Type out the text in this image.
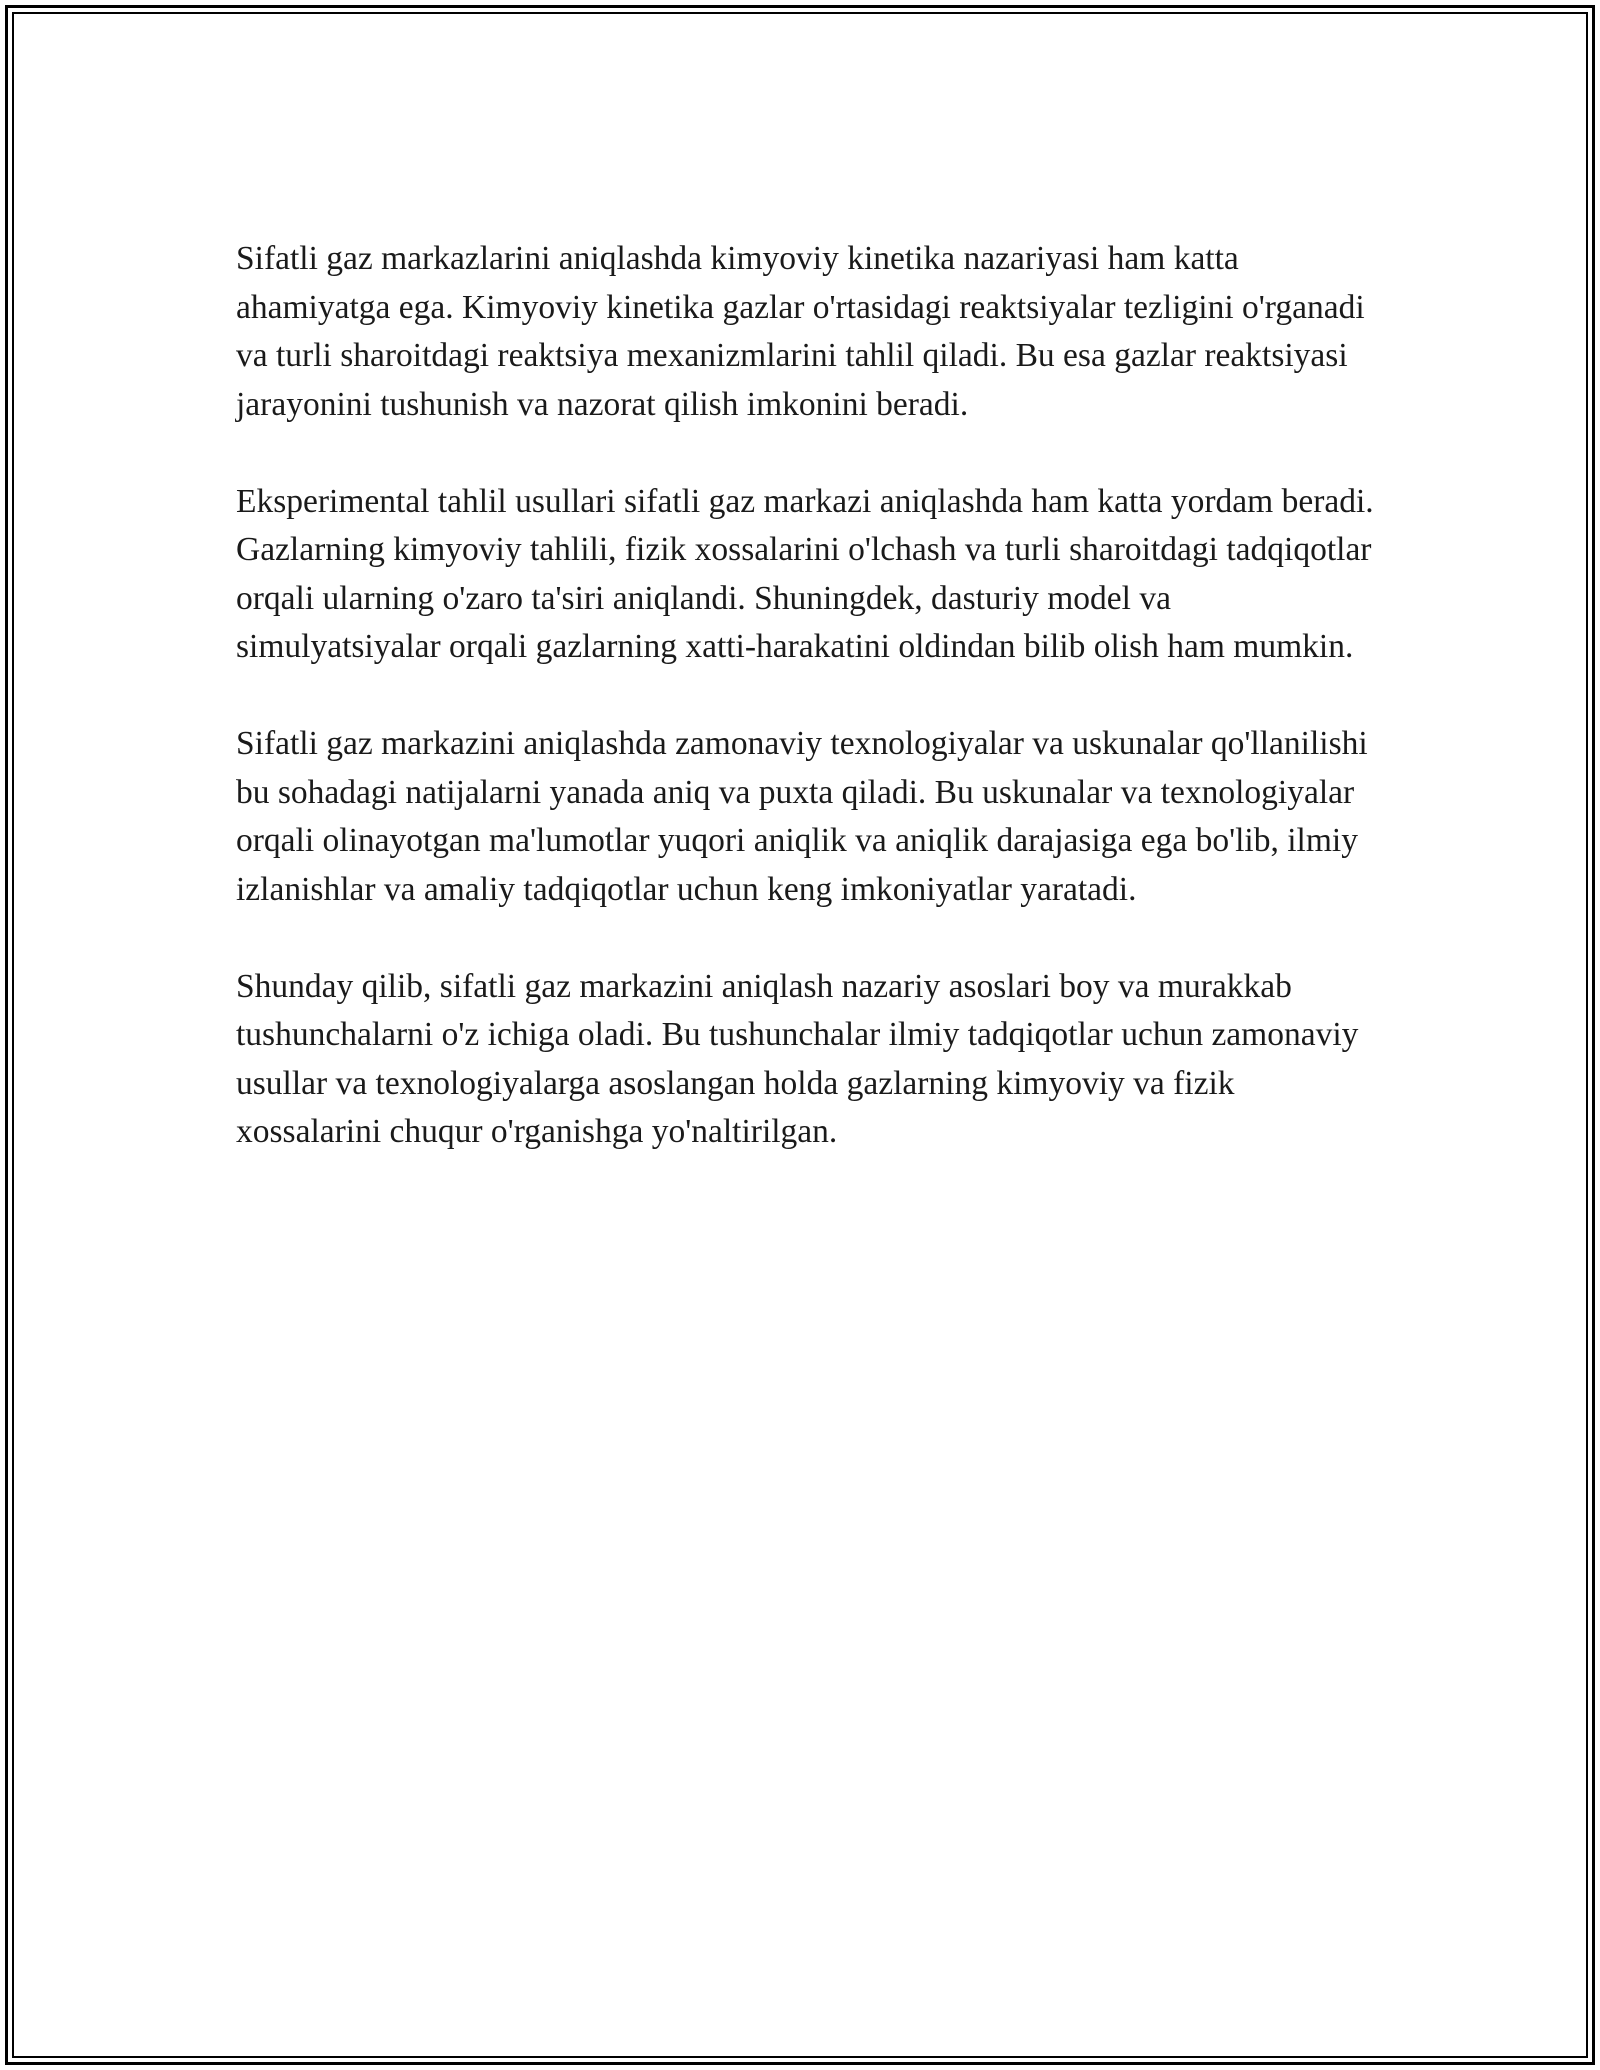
Sifatli gaz markazlarini aniqlashda kimyoviy kinetika nazariyasi ham katta ahamiyatga ega. Kimyoviy kinetika gazlar o'rtasidagi reaktsiyalar tezligini o'rganadi va turli sharoitdagi reaktsiya mexanizmlarini tahlil qiladi. Bu esa gazlar reaktsiyasi jarayonini tushunish va nazorat qilish imkonini beradi.

Eksperimental tahlil usullari sifatli gaz markazi aniqlashda ham katta yordam beradi. Gazlarning kimyoviy tahlili, fizik xossalarini o'lchash va turli sharoitdagi tadqiqotlar orqali ularning o'zaro ta'siri aniqlandi. Shuningdek, dasturiy model va simulyatsiyalar orqali gazlarning xatti-harakatini oldindan bilib olish ham mumkin.

Sifatli gaz markazini aniqlashda zamonaviy texnologiyalar va uskunalar qo'llanilishi bu sohadagi natijalarni yanada aniq va puxta qiladi. Bu uskunalar va texnologiyalar orqali olinayotgan ma'lumotlar yuqori aniqlik va aniqlik darajasiga ega bo'lib, ilmiy izlanishlar va amaliy tadqiqotlar uchun keng imkoniyatlar yaratadi.

Shunday qilib, sifatli gaz markazini aniqlash nazariy asoslari boy va murakkab tushunchalarni o'z ichiga oladi. Bu tushunchalar ilmiy tadqiqotlar uchun zamonaviy usullar va texnologiyalarga asoslangan holda gazlarning kimyoviy va fizik xossalarini chuqur o'rganishga yo'naltirilgan.
